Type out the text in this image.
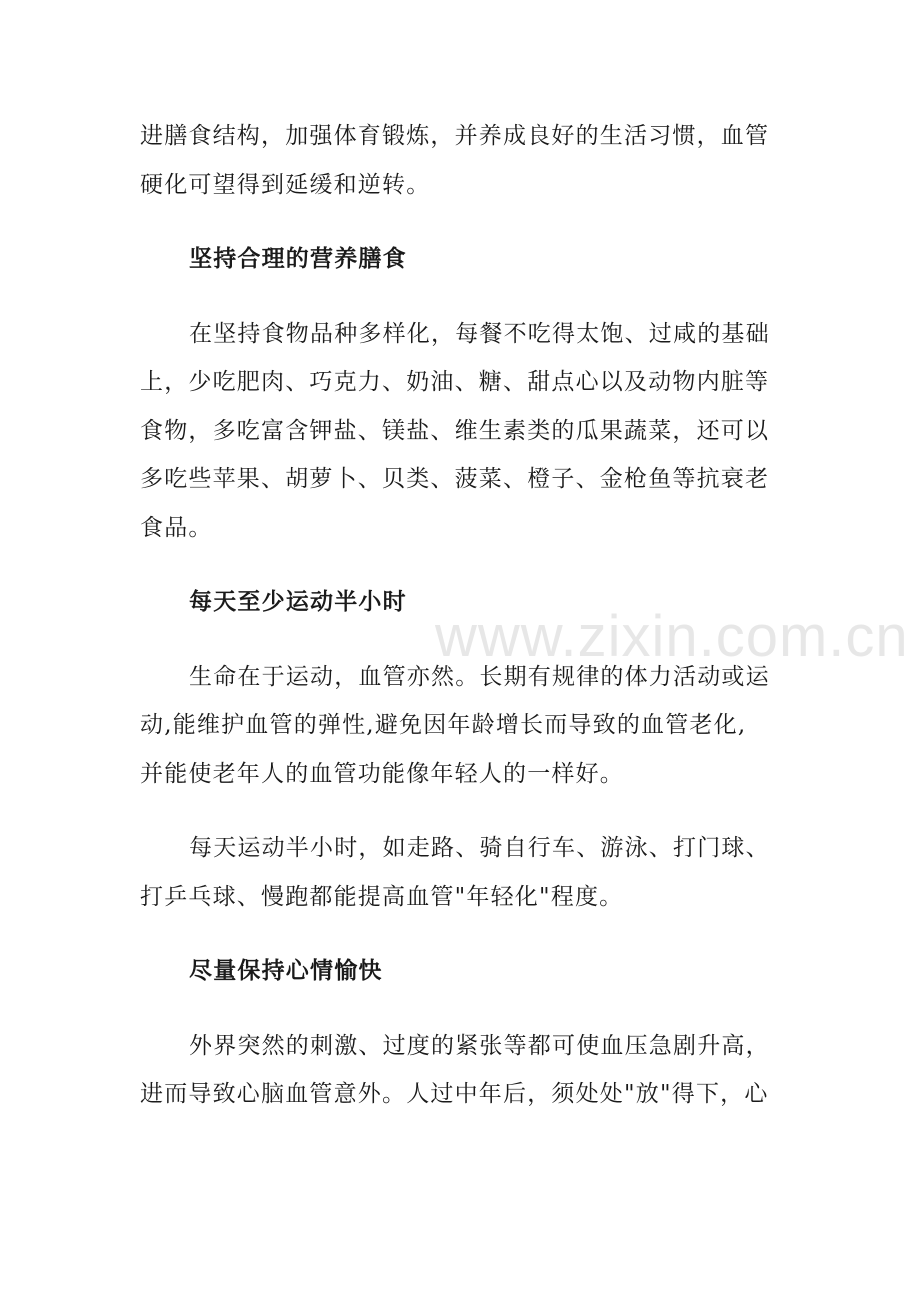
进膳食结构，加强体育锻炼，并养成良好的生活习惯，血管
硬化可望得到延缓和逆转。

坚持合理的营养膳食

在坚持食物品种多样化，每餐不吃得太饱、过咸的基础
上，少吃肥肉、巧克力、奶油、糖、甜点心以及动物内脏等
食物，多吃富含钾盐、镁盐、维生素类的瓜果蔬菜，还可以
多吃些苹果、胡萝卜、贝类、菠菜、橙子、金枪鱼等抗衰老
食品。

每天至少运动半小时

生命在于运动，血管亦然。长期有规律的体力活动或运
动,能维护血管的弹性,避免因年龄增长而导致的血管老化,
并能使老年人的血管功能像年轻人的一样好。

每天运动半小时，如走路、骑自行车、游泳、打门球、
打乒乓球、慢跑都能提高血管"年轻化"程度。

尽量保持心情愉快

外界突然的刺激、过度的紧张等都可使血压急剧升高，
进而导致心脑血管意外。人过中年后，须处处"放"得下，心

www.zixin.com.cn
